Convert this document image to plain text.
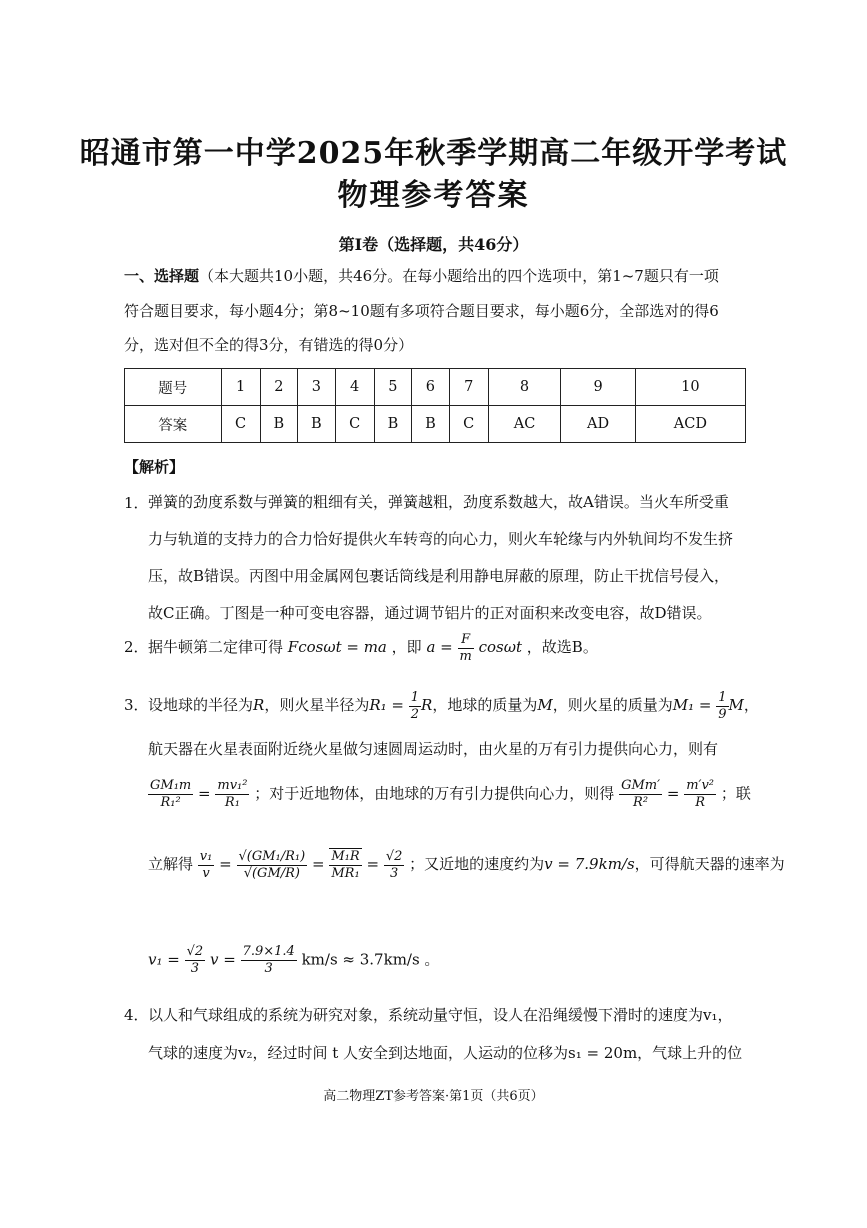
昭通市第一中学2025年秋季学期高二年级开学考试
物理参考答案
第Ⅰ卷（选择题，共46分）
一、选择题（本大题共10小题，共46分。在每小题给出的四个选项中，第1~7题只有一项
符合题目要求，每小题4分；第8~10题有多项符合题目要求，每小题6分，全部选对的得6
分，选对但不全的得3分，有错选的得0分）
题号	1	2	3	4	5	6	7	8	9	10
答案	C	B	B	C	B	B	C	AC	AD	ACD
【解析】
1． 弹簧的劲度系数与弹簧的粗细有关，弹簧越粗，劲度系数越大，故A错误。当火车所受重
力与轨道的支持力的合力恰好提供火车转弯的向心力，则火车轮缘与内外轨间均不发生挤
压，故B错误。丙图中用金属网包裹话筒线是利用静电屏蔽的原理，防止干扰信号侵入，
故C正确。丁图是一种可变电容器，通过调节铝片的正对面积来改变电容，故D错误。
2． 据牛顿第二定律可得 Fcosωt = ma ，即 $a = \frac{F}{m}$ cosωt ，故选B。
3． 设地球的半径为R，则火星半径为$R_1 = \frac{1}{2}$ R，地球的质量为M，则火星的质量为$M_1 = \frac{1}{9}$ M，
航天器在火星表面附近绕火星做匀速圆周运动时，由火星的万有引力提供向心力，则有
$\frac{\text{GM₁m}}{\text{R₁²}} = \frac{\text{mv₁²}}{\text{R₁}}$ ；对于近地物体，由地球的万有引力提供向心力，则得 $\frac{\text{GMm′}}{\text{R²}} = \frac{\text{m′v²}}{R}$ ；联
立解得 $\frac{\text{v₁}}{v} = \frac{\text{√(GM₁/R₁)}}{√(GM/R)} = \frac{\text{M₁R}}{\text{MR₁}} = \frac{√2}{3}$ ；又近地的速度约为v = 7.9km/s，可得航天器的速率为
$v_1 = \frac{√2}{3}$ $v = \frac{7.9\times 1.4}{3} km/s \approx 3.7km/s$ 。
4． 以人和气球组成的系统为研究对象，系统动量守恒，设人在沿绳缓慢下滑时的速度为v₁，
气球的速度为v₂，经过时间 t 人安全到达地面，人运动的位移为s₁ = 20m，气球上升的位
高二物理ZT参考答案·第1页（共6页）
